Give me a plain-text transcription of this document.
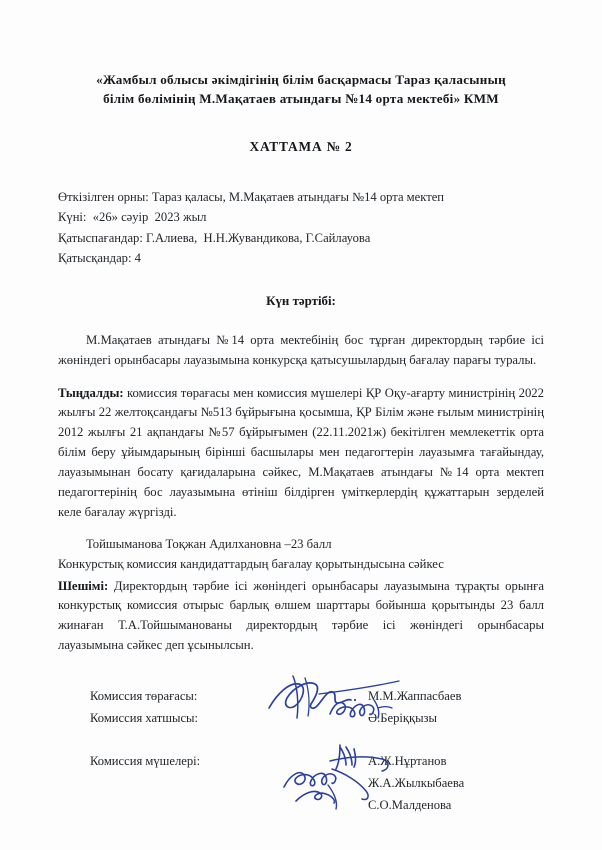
«Жамбыл облысы әкімдігінің білім басқармасы Тараз қаласының
білім бөлімінің М.Мақатаев атындағы №14 орта мектебі» КММ
ХАТТАМА № 2
Өткізілген орны: Тараз қаласы, М.Мақатаев атындағы №14 орта мектеп
Күні:  «26» сәуір  2023 жыл
Қатыспағандар: Г.Алиева,  Н.Н.Жувандикова, Г.Сайлауова
Қатысқандар: 4
Күн тәртібі:

М.Мақатаев атындағы №14 орта мектебінің бос тұрған директордың тәрбие ісі жөніндегі орынбасары лауазымына конкурсқа қатысушылардың бағалау парағы туралы.

Тыңдалды: комиссия төрағасы мен комиссия мүшелері ҚР Оқу-ағарту министрінің 2022 жылғы 22 желтоқсандағы №513 бұйрығына қосымша, ҚР Білім және ғылым министрінің 2012 жылғы 21 ақпандағы №57 бұйрығымен (22.11.2021ж) бекітілген мемлекеттік орта білім беру ұйымдарының бірінші басшылары мен педагогтерін лауазымға тағайындау, лауазымынан босату қағидаларына сәйкес, М.Мақатаев атындағы №14 орта мектеп педагогтерінің бос лауазымына өтініш білдірген үміткерлердің құжаттарын зерделей келе бағалау жүргізді.

Тойшыманова Тоқжан Адилхановна –23 балл
Конкурстық комиссия кандидаттардың бағалау қорытындысына сәйкес

Шешімі: Директордың тәрбие ісі жөніндегі орынбасары лауазымына тұрақты орынға конкурстық комиссия отырыс барлық өлшем шарттары бойынша қорытынды 23 балл жинаған Т.А.Тойшыманованы директордың тәрбие ісі жөніндегі орынбасары лауазымына сәйкес деп ұсынылсын.

Комиссия төрағасы:	М.М.Жаппасбаев
Комиссия хатшысы:	Ә.Беріққызы
Комиссия мүшелері:	А.Ж.Нұртанов
Ж.А.Жылкыбаева
С.О.Малденова
